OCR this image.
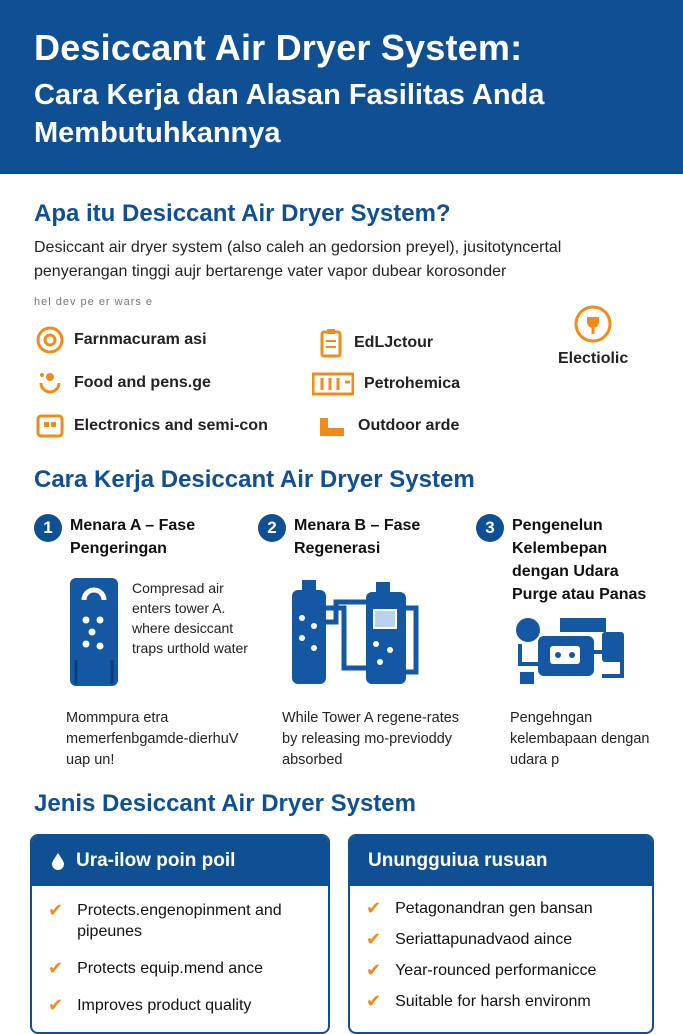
Desiccant Air Dryer System:
Cara Kerja dan Alasan Fasilitas Anda
Membutuhkannya
Apa itu Desiccant Air Dryer System?
Desiccant air dryer system (also caleh an gedorsion preyel), jusitotyncertal
penyerangan tinggi aujr bertarenge vater vapor dubear korosonder
hel dev pe er wars e
Farnmacuram asi	EdLJctour
Electiolic
Food and pens.ge	Petrohemica
Electronics and semi-con	Outdoor arde
Cara Kerja Desiccant Air Dryer System
1	Menara A – Fase Pengeringan
Compresad air enters tower A. where desiccant traps urthold water
Mommpura etra memerfenbgamde-dierhuV uap un!
2	Menara B – Fase Regenerasi
While Tower A regene-rates by releasing mo-previoddy absorbed
3	Pengenelun Kelembepan dengan Udara Purge atau Panas
Pengehngan kelembapaan dengan udara p
Jenis Desiccant Air Dryer System
Ura-ilow poin poil
✔ Protects.engenopinment and pipeunes
✔ Protects equip.mend ance
✔ Improves product quality
Unungguiua rusuan
✔ Petagonandran gen bansan
✔ Seriattapunadvaod aince
✔ Year-rounced performanicce
✔ Suitable for harsh environm
